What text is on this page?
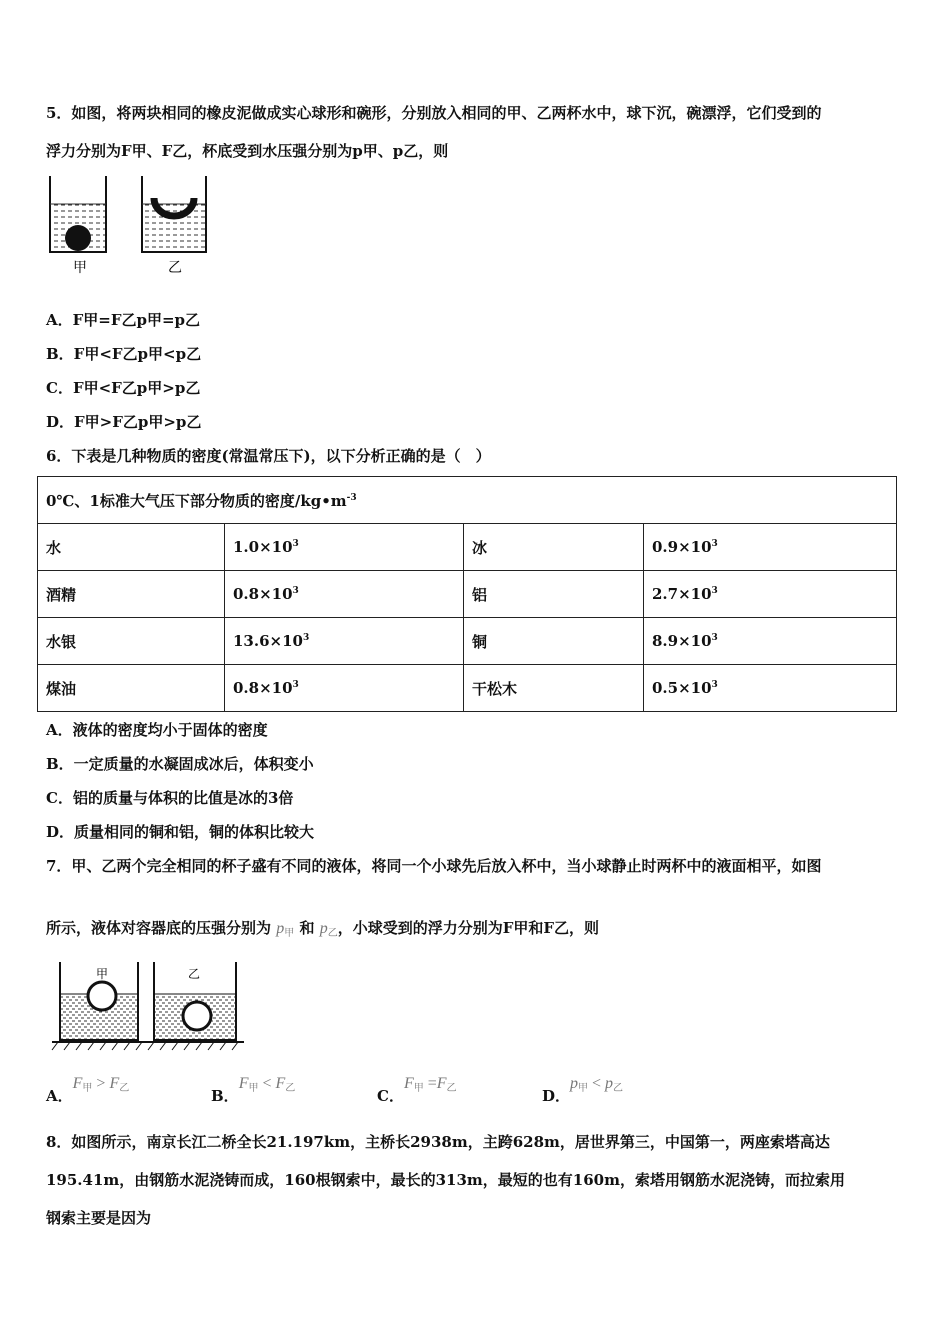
5．如图，将两块相同的橡皮泥做成实心球形和碗形，分别放入相同的甲、乙两杯水中，球下沉，碗漂浮，它们受到的
浮力分别为F甲、F乙，杯底受到水压强分别为p甲、p乙，则
甲	乙
A．F甲=F乙p甲=p乙
B．F甲<F乙p甲<p乙
C．F甲<F乙p甲>p乙
D．F甲>F乙p甲>p乙
6．下表是几种物质的密度(常温常压下)，以下分析正确的是（　）
0℃、1标准大气压下部分物质的密度$/kg•m^{-3}$
水	$1.0\times 10^3$	冰	$0.9\times 10^3$
酒精	$0.8\times 10^3$	铝	$2.7\times 10^3$
水银	$13.6\times 10^3$	铜	$8.9\times 10^3$
煤油	$0.8\times 10^3$	干松木	$0.5\times 10^3$
A．液体的密度均小于固体的密度
B．一定质量的水凝固成冰后，体积变小
C．铝的质量与体积的比值是冰的3倍
D．质量相同的铜和铝，铜的体积比较大
7．甲、乙两个完全相同的杯子盛有不同的液体，将同一个小球先后放入杯中，当小球静止时两杯中的液面相平，如图
所示，液体对容器底的压强分别为 p甲 和 p乙，小球受到的浮力分别为F甲和F乙，则
甲	乙
A．F甲 > F乙	B．F甲 < F乙	C．F甲 =F乙	D．p甲 < p乙
8．如图所示，南京长江二桥全长21.197km，主桥长2938m，主跨628m，居世界第三，中国第一，两座索塔高达
195.41m，由钢筋水泥浇铸而成，160根钢索中，最长的313m，最短的也有160m，索塔用钢筋水泥浇铸，而拉索用
钢索主要是因为
